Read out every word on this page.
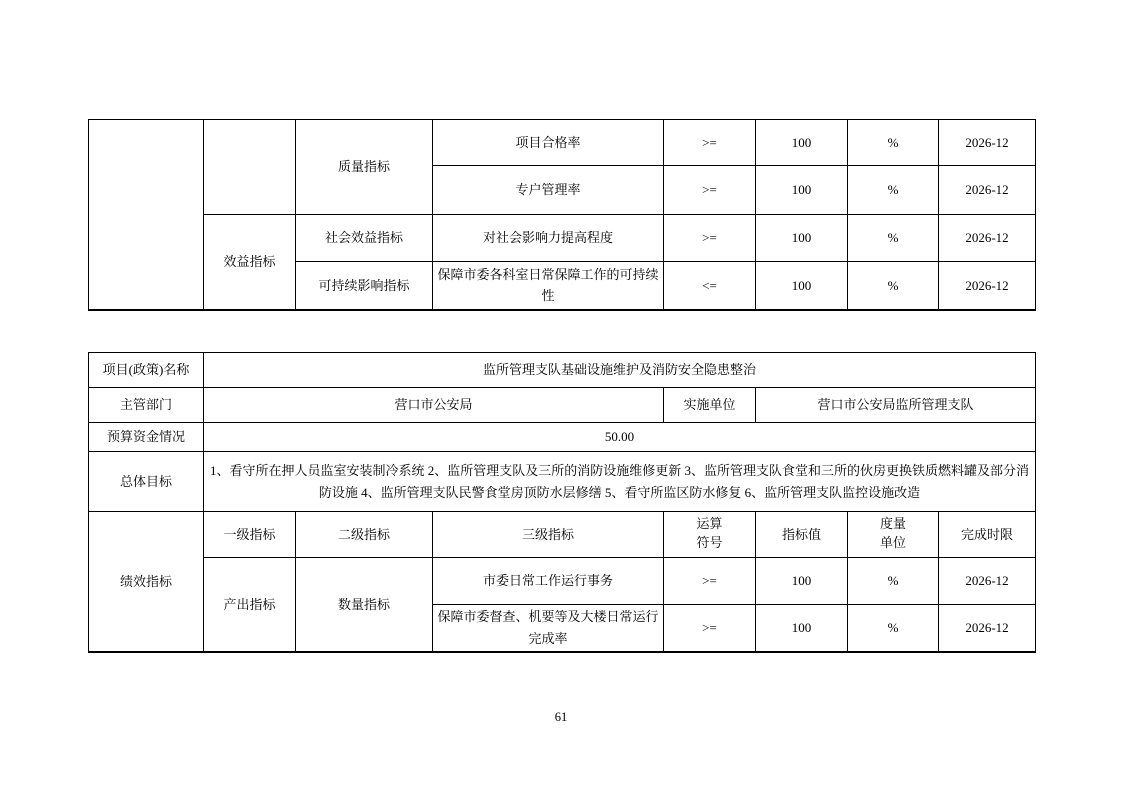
		质量指标	项目合格率	>=	100	%	2026-12
			专户管理率	>=	100	%	2026-12
	效益指标	社会效益指标	对社会影响力提高程度	>=	100	%	2026-12
		可持续影响指标	保障市委各科室日常保障工作的可持续性	<=	100	%	2026-12
项目(政策)名称	监所管理支队基础设施维护及消防安全隐患整治						
主管部门	营口市公安局			实施单位	营口市公安局监所管理支队		
预算资金情况	50.00						
总体目标	1、看守所在押人员监室安装制冷系统 2、监所管理支队及三所的消防设施维修更新 3、监所管理支队食堂和三所的伙房更换铁质燃料罐及部分消防设施 4、监所管理支队民警食堂房顶防水层修缮 5、看守所监区防水修复 6、监所管理支队监控设施改造						
绩效指标	一级指标	二级指标	三级指标	运算符号	指标值	度量单位	完成时限
	产出指标	数量指标	市委日常工作运行事务	>=	100	%	2026-12
			保障市委督查、机要等及大楼日常运行完成率	>=	100	%	2026-12
61
